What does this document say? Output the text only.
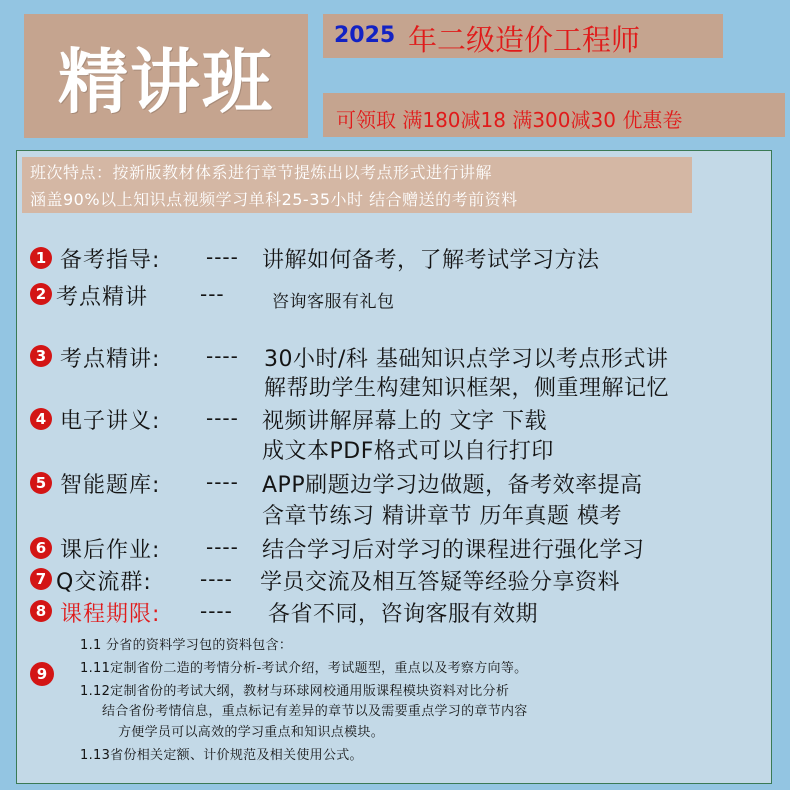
精讲班
2025 年二级造价工程师
可领取 满180减18 满300减30 优惠卷
班次特点：按新版教材体系进行章节提炼出以考点形式进行讲解
涵盖90%以上知识点视频学习单科25-35小时 结合赠送的考前资料
1 备考指导: ---- 讲解如何备考，了解考试学习方法
2 考点精讲	---	咨询客服有礼包
3 考点精讲: ---- 30小时/科 基础知识点学习以考点形式讲
解帮助学生构建知识框架，侧重理解记忆
4 电子讲义: ---- 视频讲解屏幕上的 文字 下载
成文本PDF格式可以自行打印
5 智能题库: ---- APP刷题边学习边做题，备考效率提高
含章节练习 精讲章节 历年真题 模考
6 课后作业: ---- 结合学习后对学习的课程进行强化学习
7 Q交流群: ---- 学员交流及相互答疑等经验分享资料
8 课程期限: ---- 各省不同，咨询客服有效期
9
1.1 分省的资料学习包的资料包含：
1.11定制省份二造的考情分析-考试介绍，考试题型，重点以及考察方向等。
1.12定制省份的考试大纲，教材与环球网校通用版课程模块资料对比分析
结合省份考情信息，重点标记有差异的章节以及需要重点学习的章节内容
方便学员可以高效的学习重点和知识点模块。
1.13省份相关定额、计价规范及相关使用公式。
